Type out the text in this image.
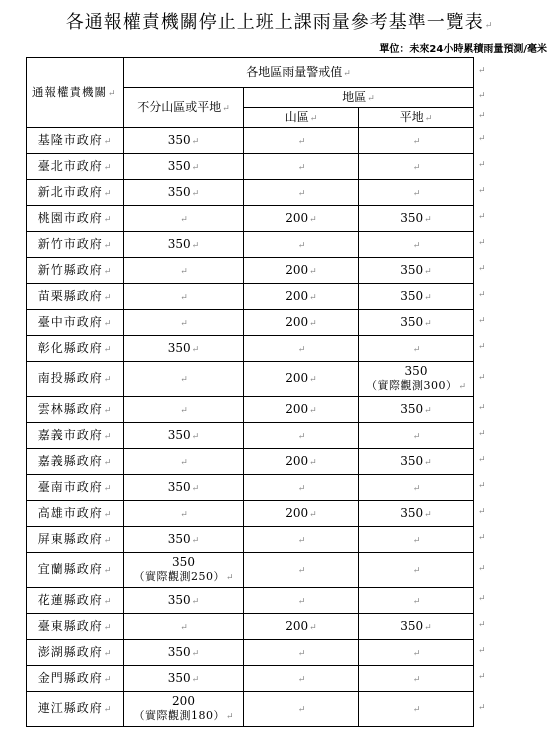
各通報權責機關停止上班上課雨量參考基準一覽表↵
單位：未來24小時累積雨量預測/毫米
通報權責機關↵	各地區雨量警戒值↵		
	不分山區或平地↵	地區↵	
		山區↵	平地↵
基隆市政府↵	350↵	↵	↵
臺北市政府↵	350↵	↵	↵
新北市政府↵	350↵	↵	↵
桃園市政府↵	↵	200↵	350↵
新竹市政府↵	350↵	↵	↵
新竹縣政府↵	↵	200↵	350↵
苗栗縣政府↵	↵	200↵	350↵
臺中市政府↵	↵	200↵	350↵
彰化縣政府↵	350↵	↵	↵
南投縣政府↵	↵	200↵	350
（實際觀測300）↵
雲林縣政府↵	↵	200↵	350↵
嘉義市政府↵	350↵	↵	↵
嘉義縣政府↵	↵	200↵	350↵
臺南市政府↵	350↵	↵	↵
高雄市政府↵	↵	200↵	350↵
屏東縣政府↵	350↵	↵	↵
宜蘭縣政府↵	350
（實際觀測250）↵	↵	↵
花蓮縣政府↵	350↵	↵	↵
臺東縣政府↵	↵	200↵	350↵
澎湖縣政府↵	350↵	↵	↵
金門縣政府↵	350↵	↵	↵
連江縣政府↵	200
（實際觀測180）↵	↵	↵
↵
↵
↵
↵
↵
↵
↵
↵
↵
↵
↵
↵
↵
↵
↵
↵
↵
↵
↵
↵
↵
↵
↵
↵
↵
